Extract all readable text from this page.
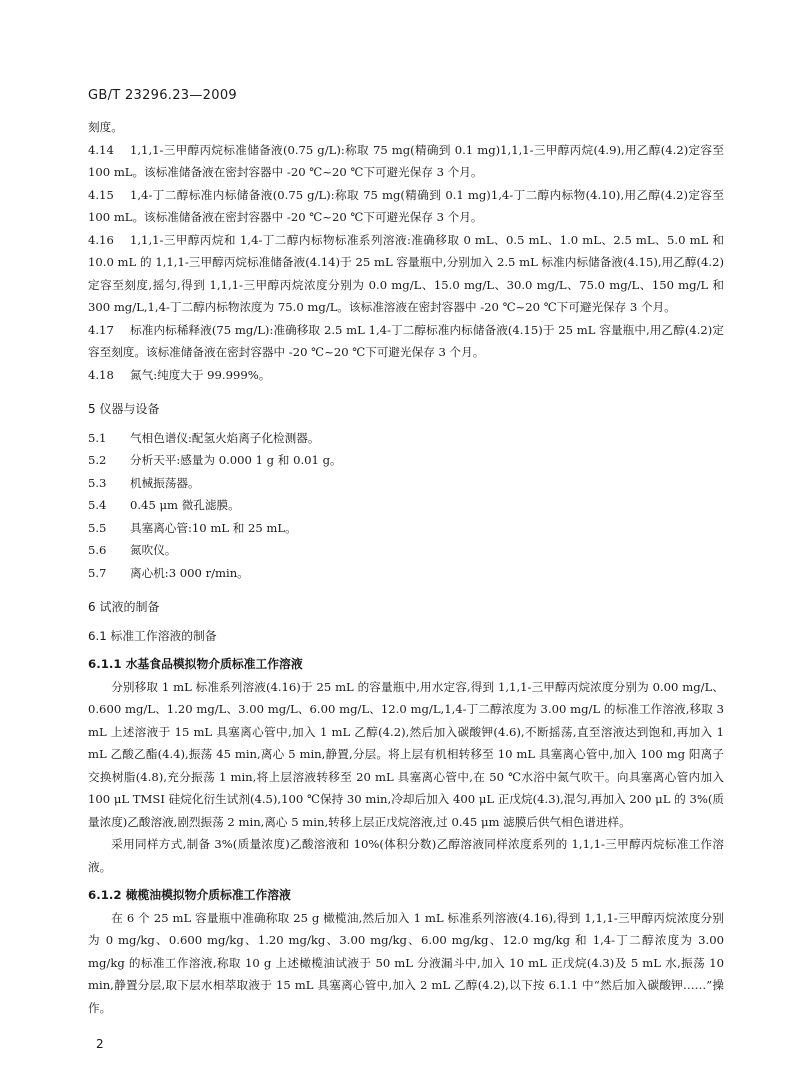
GB/T 23296.23—2009

刻度。

4.14 1,1,1-三甲醇丙烷标准储备液(0.75 g/L):称取 75 mg(精确到 0.1 mg)1,1,1-三甲醇丙烷(4.9),用乙醇(4.2)定容至 100 mL。该标准储备液在密封容器中 -20 ℃~20 ℃下可避光保存 3 个月。

4.15 1,4-丁二醇标准内标储备液(0.75 g/L):称取 75 mg(精确到 0.1 mg)1,4-丁二醇内标物(4.10),用乙醇(4.2)定容至 100 mL。该标准储备液在密封容器中 -20 ℃~20 ℃下可避光保存 3 个月。

4.16 1,1,1-三甲醇丙烷和 1,4-丁二醇内标物标准系列溶液:准确移取 0 mL、0.5 mL、1.0 mL、2.5 mL、5.0 mL 和 10.0 mL 的 1,1,1-三甲醇丙烷标准储备液(4.14)于 25 mL 容量瓶中,分别加入 2.5 mL 标准内标储备液(4.15),用乙醇(4.2)定容至刻度,摇匀,得到 1,1,1-三甲醇丙烷浓度分别为 0.0 mg/L、15.0 mg/L、30.0 mg/L、75.0 mg/L、150 mg/L 和 300 mg/L,1,4-丁二醇内标物浓度为 75.0 mg/L。该标准溶液在密封容器中 -20 ℃~20 ℃下可避光保存 3 个月。

4.17 标准内标稀释液(75 mg/L):准确移取 2.5 mL 1,4-丁二醇标准内标储备液(4.15)于 25 mL 容量瓶中,用乙醇(4.2)定容至刻度。该标准储备液在密封容器中 -20 ℃~20 ℃下可避光保存 3 个月。

4.18 氮气:纯度大于 99.999%。

5 仪器与设备

5.1 气相色谱仪:配氢火焰离子化检测器。

5.2 分析天平:感量为 0.000 1 g 和 0.01 g。

5.3 机械振荡器。

5.4 0.45 μm 微孔滤膜。

5.5 具塞离心管:10 mL 和 25 mL。

5.6 氮吹仪。

5.7 离心机:3 000 r/min。

6 试液的制备
6.1 标准工作溶液的制备
6.1.1 水基食品模拟物介质标准工作溶液

分别移取 1 mL 标准系列溶液(4.16)于 25 mL 的容量瓶中,用水定容,得到 1,1,1-三甲醇丙烷浓度分别为 0.00 mg/L、0.600 mg/L、1.20 mg/L、3.00 mg/L、6.00 mg/L、12.0 mg/L,1,4-丁二醇浓度为 3.00 mg/L 的标准工作溶液,移取 3 mL 上述溶液于 15 mL 具塞离心管中,加入 1 mL 乙醇(4.2),然后加入碳酸钾(4.6),不断摇荡,直至溶液达到饱和,再加入 1 mL 乙酸乙酯(4.4),振荡 45 min,离心 5 min,静置,分层。将上层有机相转移至 10 mL 具塞离心管中,加入 100 mg 阳离子交换树脂(4.8),充分振荡 1 min,将上层溶液转移至 20 mL 具塞离心管中,在 50 ℃水浴中氮气吹干。向具塞离心管内加入 100 μL TMSI 硅烷化衍生试剂(4.5),100 ℃保持 30 min,冷却后加入 400 μL 正戊烷(4.3),混匀,再加入 200 μL 的 3%(质量浓度)乙酸溶液,剧烈振荡 2 min,离心 5 min,转移上层正戊烷溶液,过 0.45 μm 滤膜后供气相色谱进样。

采用同样方式,制备 3%(质量浓度)乙酸溶液和 10%(体积分数)乙醇溶液同样浓度系列的 1,1,1-三甲醇丙烷标准工作溶液。

6.1.2 橄榄油模拟物介质标准工作溶液

在 6 个 25 mL 容量瓶中准确称取 25 g 橄榄油,然后加入 1 mL 标准系列溶液(4.16),得到 1,1,1-三甲醇丙烷浓度分别为 0 mg/kg、0.600 mg/kg、1.20 mg/kg、3.00 mg/kg、6.00 mg/kg、12.0 mg/kg 和 1,4-丁二醇浓度为 3.00 mg/kg 的标准工作溶液,称取 10 g 上述橄榄油试液于 50 mL 分液漏斗中,加入 10 mL 正戊烷(4.3)及 5 mL 水,振荡 10 min,静置分层,取下层水相萃取液于 15 mL 具塞离心管中,加入 2 mL 乙醇(4.2),以下按 6.1.1 中“然后加入碳酸钾……”操作。

2
